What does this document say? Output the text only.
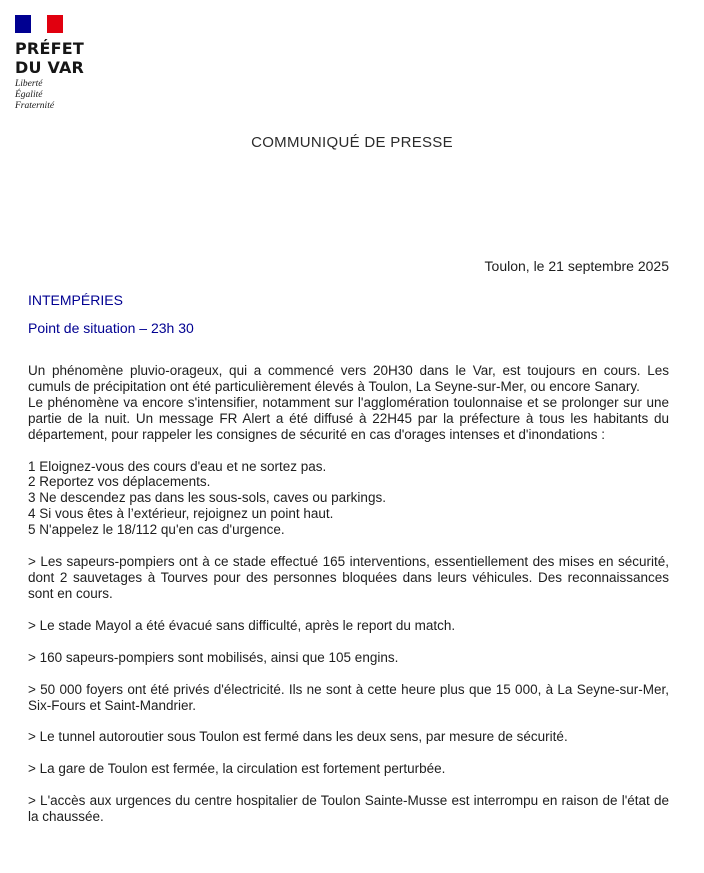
PRÉFET
DU VAR
Liberté
Égalité
Fraternité
COMMUNIQUÉ DE PRESSE
Toulon, le 21 septembre 2025
INTEMPÉRIES
Point de situation – 23h 30

Un phénomène pluvio-orageux, qui a commencé vers 20H30 dans le Var, est toujours en cours. Les cumuls de précipitation ont été particulièrement élevés à Toulon, La Seyne-sur-Mer, ou encore Sanary.

Le phénomène va encore s'intensifier, notamment sur l'agglomération toulonnaise et se prolonger sur une partie de la nuit. Un message FR Alert a été diffusé à 22H45 par la préfecture à tous les habitants du département, pour rappeler les consignes de sécurité en cas d'orages intenses et d'inondations :

1 Eloignez-vous des cours d'eau et ne sortez pas.
2 Reportez vos déplacements.
3 Ne descendez pas dans les sous-sols, caves ou parkings.
4 Si vous êtes à l’extérieur, rejoignez un point haut.
5 N'appelez le 18/112 qu'en cas d'urgence.

> Les sapeurs-pompiers ont à ce stade effectué 165 interventions, essentiellement des mises en sécurité, dont 2 sauvetages à Tourves pour des personnes bloquées dans leurs véhicules. Des reconnaissances sont en cours.

> Le stade Mayol a été évacué sans difficulté, après le report du match.

> 160 sapeurs-pompiers sont mobilisés, ainsi que 105 engins.

> 50 000 foyers ont été privés d'électricité. Ils ne sont à cette heure plus que 15 000, à La Seyne-sur-Mer, Six-Fours et Saint-Mandrier.

> Le tunnel autoroutier sous Toulon est fermé dans les deux sens, par mesure de sécurité.

> La gare de Toulon est fermée, la circulation est fortement perturbée.

> L'accès aux urgences du centre hospitalier de Toulon Sainte-Musse est interrompu en raison de l'état de la chaussée.
